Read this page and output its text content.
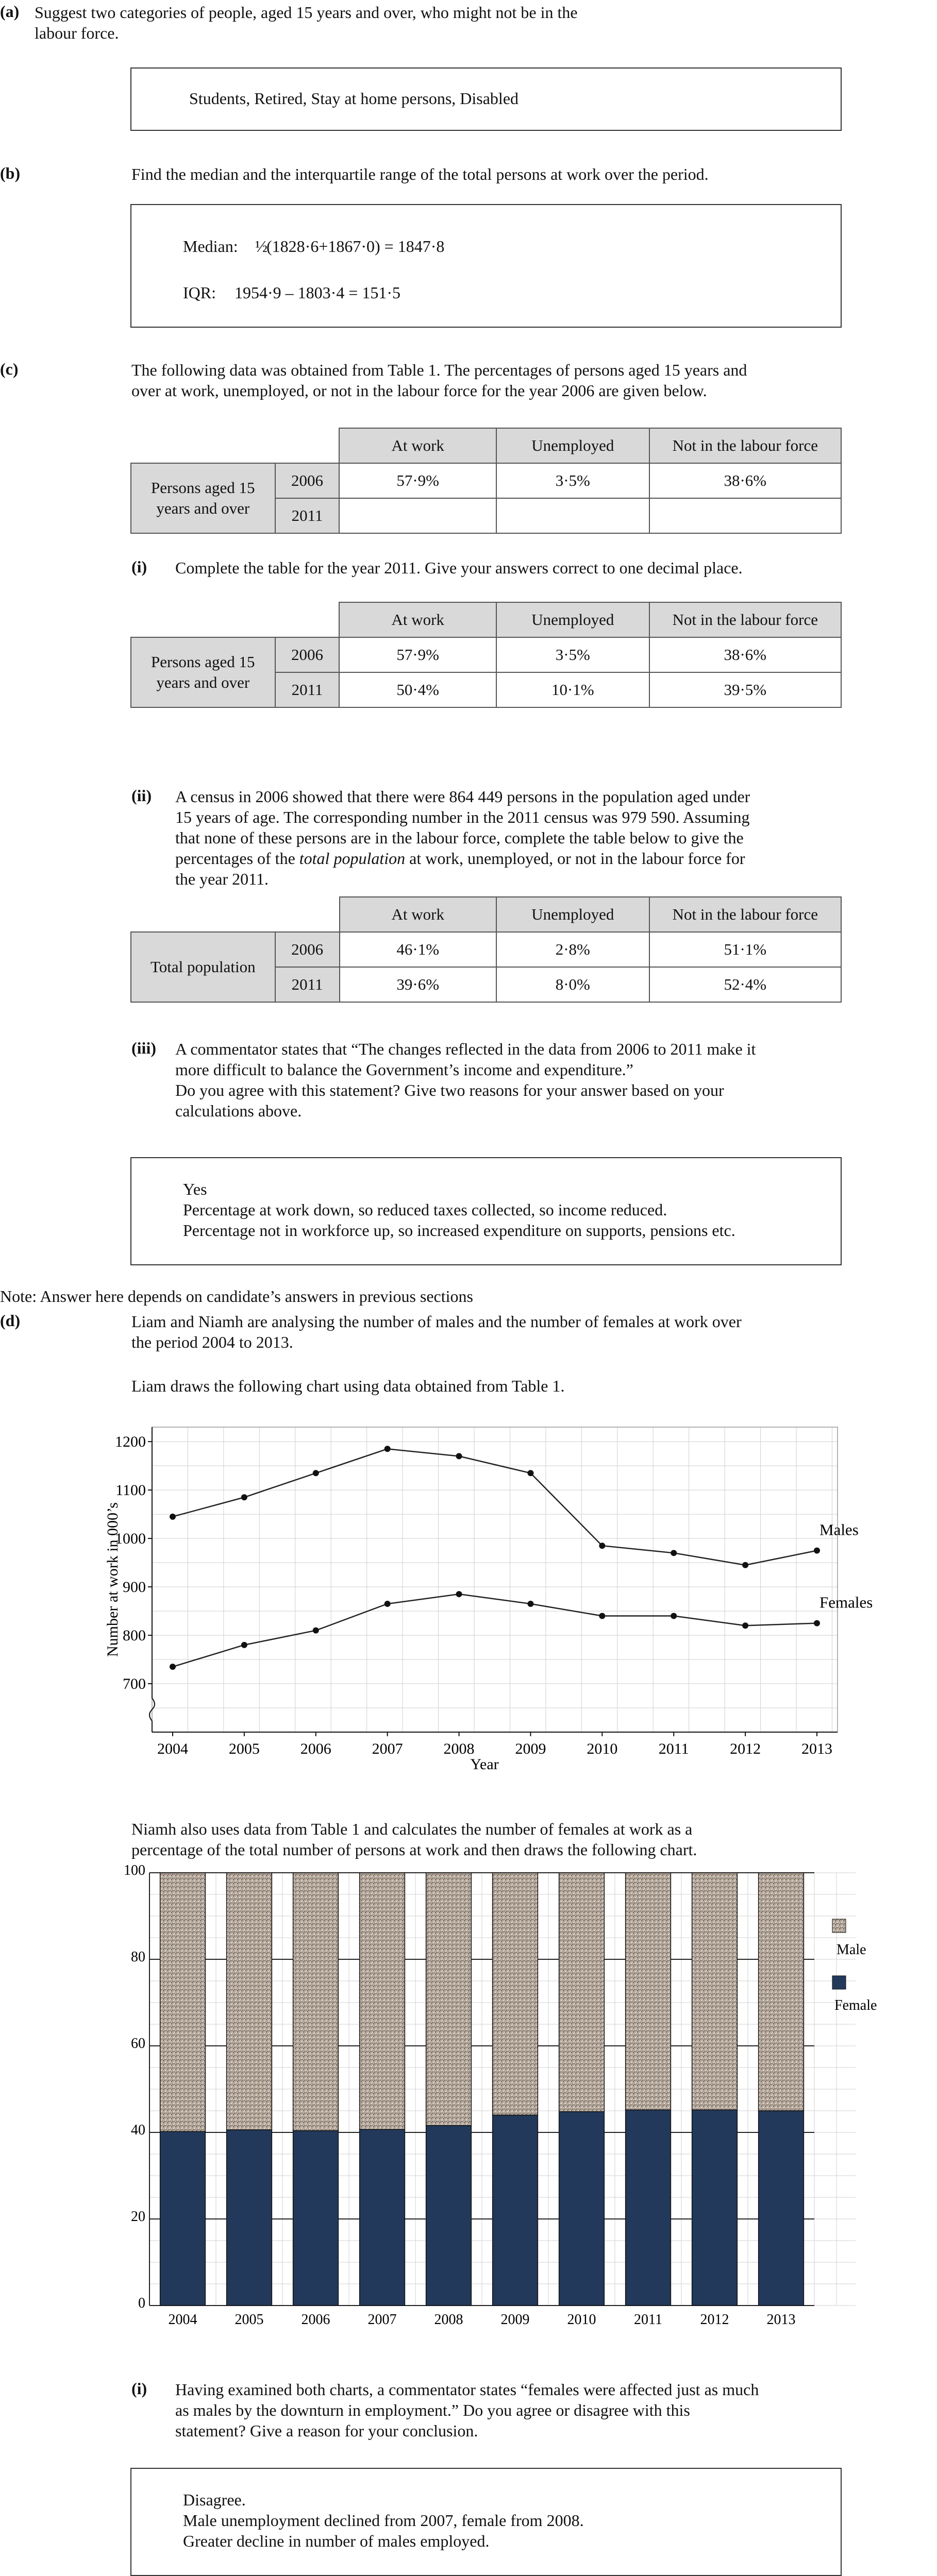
(a) Suggest two categories of people, aged 15 years and over, who might not be in the
labour force.
Students, Retired, Stay at home persons, Disabled
(b)	Find the median and the interquartile range of the total persons at work over the period.
Median: ½
(1828·6+1867·0) = 1847·8
IQR: 1954·9 – 1803·4 = 151·5
(c)	The following data was obtained from Table 1. The percentages of persons aged 15 years and
over at work, unemployed, or not in the labour force for the year 2006 are given below.
		At work	Unemployed	Not in the labour force
Persons aged 15
years and over	2006	57·9%	3·5%	38·6%
	2011			
(i) Complete the table for the year 2011. Give your answers correct to one decimal place.
		At work	Unemployed	Not in the labour force
Persons aged 15
years and over	2006	57·9%	3·5%	38·6%
	2011	50·4%	10·1%	39·5%
(ii) A census in 2006 showed that there were 864 449 persons in the population aged under
15 years of age. The corresponding number in the 2011 census was 979 590. Assuming
that none of these persons are in the labour force, complete the table below to give the
percentages of the total population at work, unemployed, or not in the labour force for
the year 2011.
		At work	Unemployed	Not in the labour force
Total population	2006	46·1%	2·8%	51·1%
	2011	39·6%	8·0%	52·4%
(iii) A commentator states that “The changes reflected in the data from 2006 to 2011 make it
more difficult to balance the Government’s income and expenditure.”
Do you agree with this statement? Give two reasons for your answer based on your
calculations above.
Yes
Percentage at work down, so reduced taxes collected, so income reduced.
Percentage not in workforce up, so increased expenditure on supports, pensions etc.
Note: Answer here depends on candidate’s answers in previous sections
(d)	Liam and Niamh are analysing the number of males and the number of females at work over
the period 2004 to 2013.
Liam draws the following chart using data obtained from Table 1.
700
800
900
1000
1100
1200
2004	2005	2006	2007	2008	2009	2010	2011	2012	2013
Year
Number at work in 000’s	Males
Females
Niamh also uses data from Table 1 and calculates the number of females at work as a
percentage of the total number of persons at work and then draws the following chart.
0
20
40
60
80
100
2004	2005	2006	2007	2008	2009	2010	2011	2012	2013
Male
Female
(i) Having examined both charts, a commentator states “females were affected just as much
as males by the downturn in employment.” Do you agree or disagree with this
statement? Give a reason for your conclusion.
Disagree.
Male unemployment declined from 2007, female from 2008.
Greater decline in number of males employed.
